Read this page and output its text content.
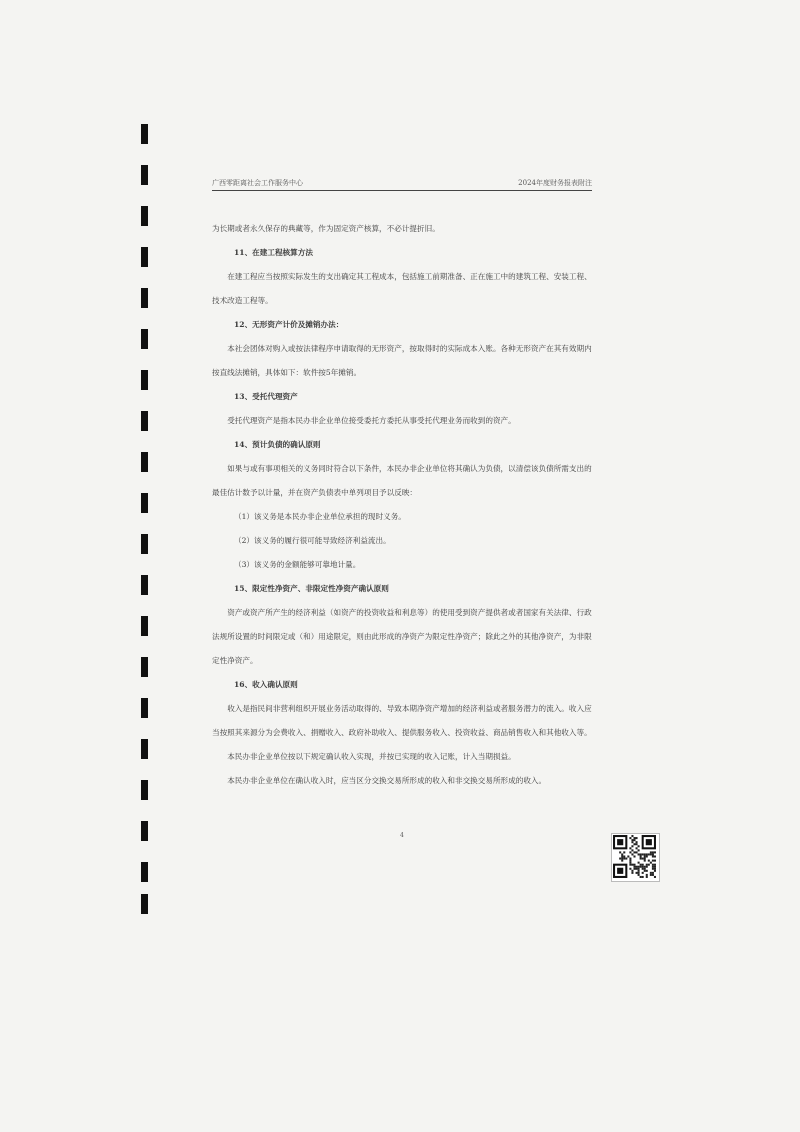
广西零距离社会工作服务中心	2024年度财务报表附注

为长期或者永久保存的典藏等，作为固定资产核算，不必计提折旧。

11、在建工程核算方法

在建工程应当按照实际发生的支出确定其工程成本，包括施工前期准备、正在施工中的建筑工程、安装工程、技术改造工程等。

12、无形资产计价及摊销办法：

本社会团体对购入或按法律程序申请取得的无形资产，按取得时的实际成本入账。各种无形资产在其有效期内按直线法摊销，具体如下：软件按5年摊销。

13、受托代理资产

受托代理资产是指本民办非企业单位接受委托方委托从事受托代理业务而收到的资产。

14、预计负债的确认原则

如果与或有事项相关的义务同时符合以下条件，本民办非企业单位将其确认为负债，以清偿该负债所需支出的最佳估计数予以计量，并在资产负债表中单列项目予以反映：

（1）该义务是本民办非企业单位承担的现时义务。

（2）该义务的履行很可能导致经济利益流出。

（3）该义务的金额能够可靠地计量。

15、限定性净资产、非限定性净资产确认原则

资产或资产所产生的经济利益（如资产的投资收益和利息等）的使用受到资产提供者或者国家有关法律、行政法规所设置的时间限定或（和）用途限定，则由此形成的净资产为限定性净资产；除此之外的其他净资产，为非限定性净资产。

16、收入确认原则

收入是指民间非营利组织开展业务活动取得的、导致本期净资产增加的经济利益或者服务潜力的流入。收入应当按照其来源分为会费收入、捐赠收入、政府补助收入、提供服务收入、投资收益、商品销售收入和其他收入等。

本民办非企业单位按以下规定确认收入实现，并按已实现的收入记账，计入当期损益。

本民办非企业单位在确认收入时，应当区分交换交易所形成的收入和非交换交易所形成的收入。

4
